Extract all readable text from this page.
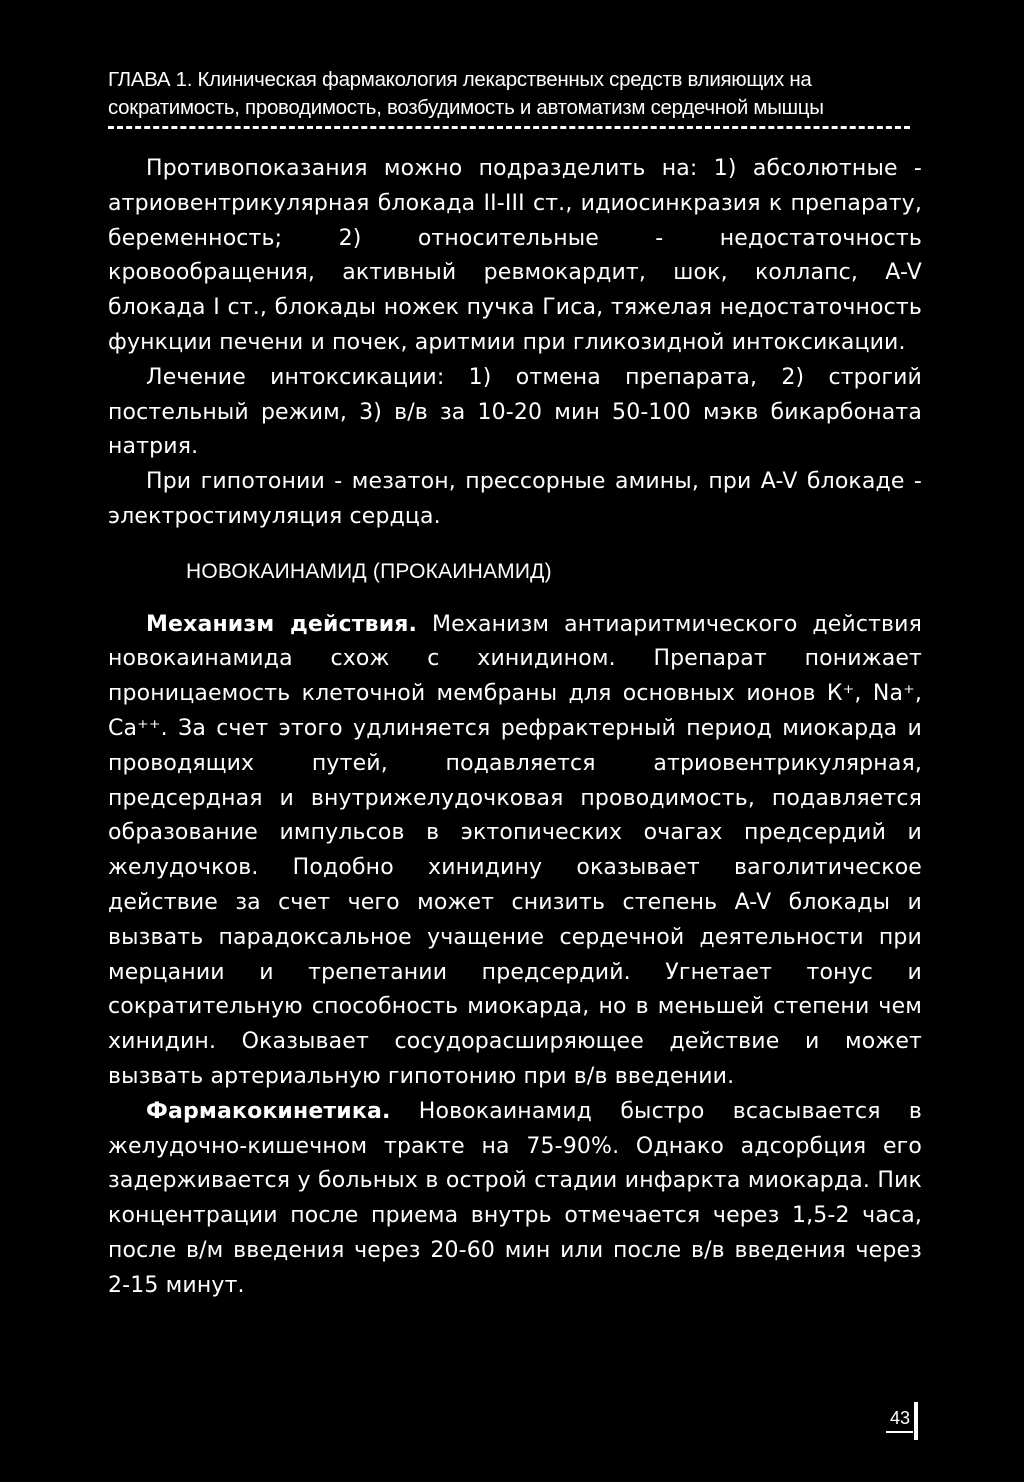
ГЛАВА 1. Клиническая фармакология лекарственных средств влияющих на
сократимость, проводимость, возбудимость и автоматизм сердечной мышцы

Противопоказания можно подразделить на: 1) абсолютные - атриовентрикулярная блокада II-III ст., идиосинкразия к препарату, беременность; 2) относительные - недостаточность кровообращения, активный ревмокардит, шок, коллапс, A-V блокада I ст., блокады ножек пучка Гиса, тяжелая недостаточность функции печени и почек, аритмии при гликозидной интоксикации.

Лечение интоксикации: 1) отмена препарата, 2) строгий постельный режим, 3) в/в за 10-20 мин 50-100 мэкв бикарбоната натрия.

При гипотонии - мезатон, прессорные амины, при A-V блокаде - электростимуляция сердца.

НОВОКАИНАМИД (ПРОКАИНАМИД)

Механизм действия. Механизм антиаритмического действия новокаинамида схож с хинидином. Препарат понижает проницаемость клеточной мембраны для основных ионов К⁺, Na⁺, Ca⁺⁺. За счет этого удлиняется рефрактерный период миокарда и проводящих путей, подавляется атриовентрикулярная, предсердная и внутрижелудочковая проводимость, подавляется образование импульсов в эктопических очагах предсердий и желудочков. Подобно хинидину оказывает ваголитическое действие за счет чего может снизить степень A-V блокады и вызвать парадоксальное учащение сердечной деятельности при мерцании и трепетании предсердий. Угнетает тонус и сократительную способность миокарда, но в меньшей степени чем хинидин. Оказывает сосудорасширяющее действие и может вызвать артериальную гипотонию при в/в введении.

Фармакокинетика. Новокаинамид быстро всасывается в желудочно-кишечном тракте на 75-90%. Однако адсорбция его задерживается у больных в острой стадии инфаркта миокарда. Пик концентрации после приема внутрь отмечается через 1,5-2 часа, после в/м введения через 20-60 мин или после в/в введения через 2-15 минут.

43
